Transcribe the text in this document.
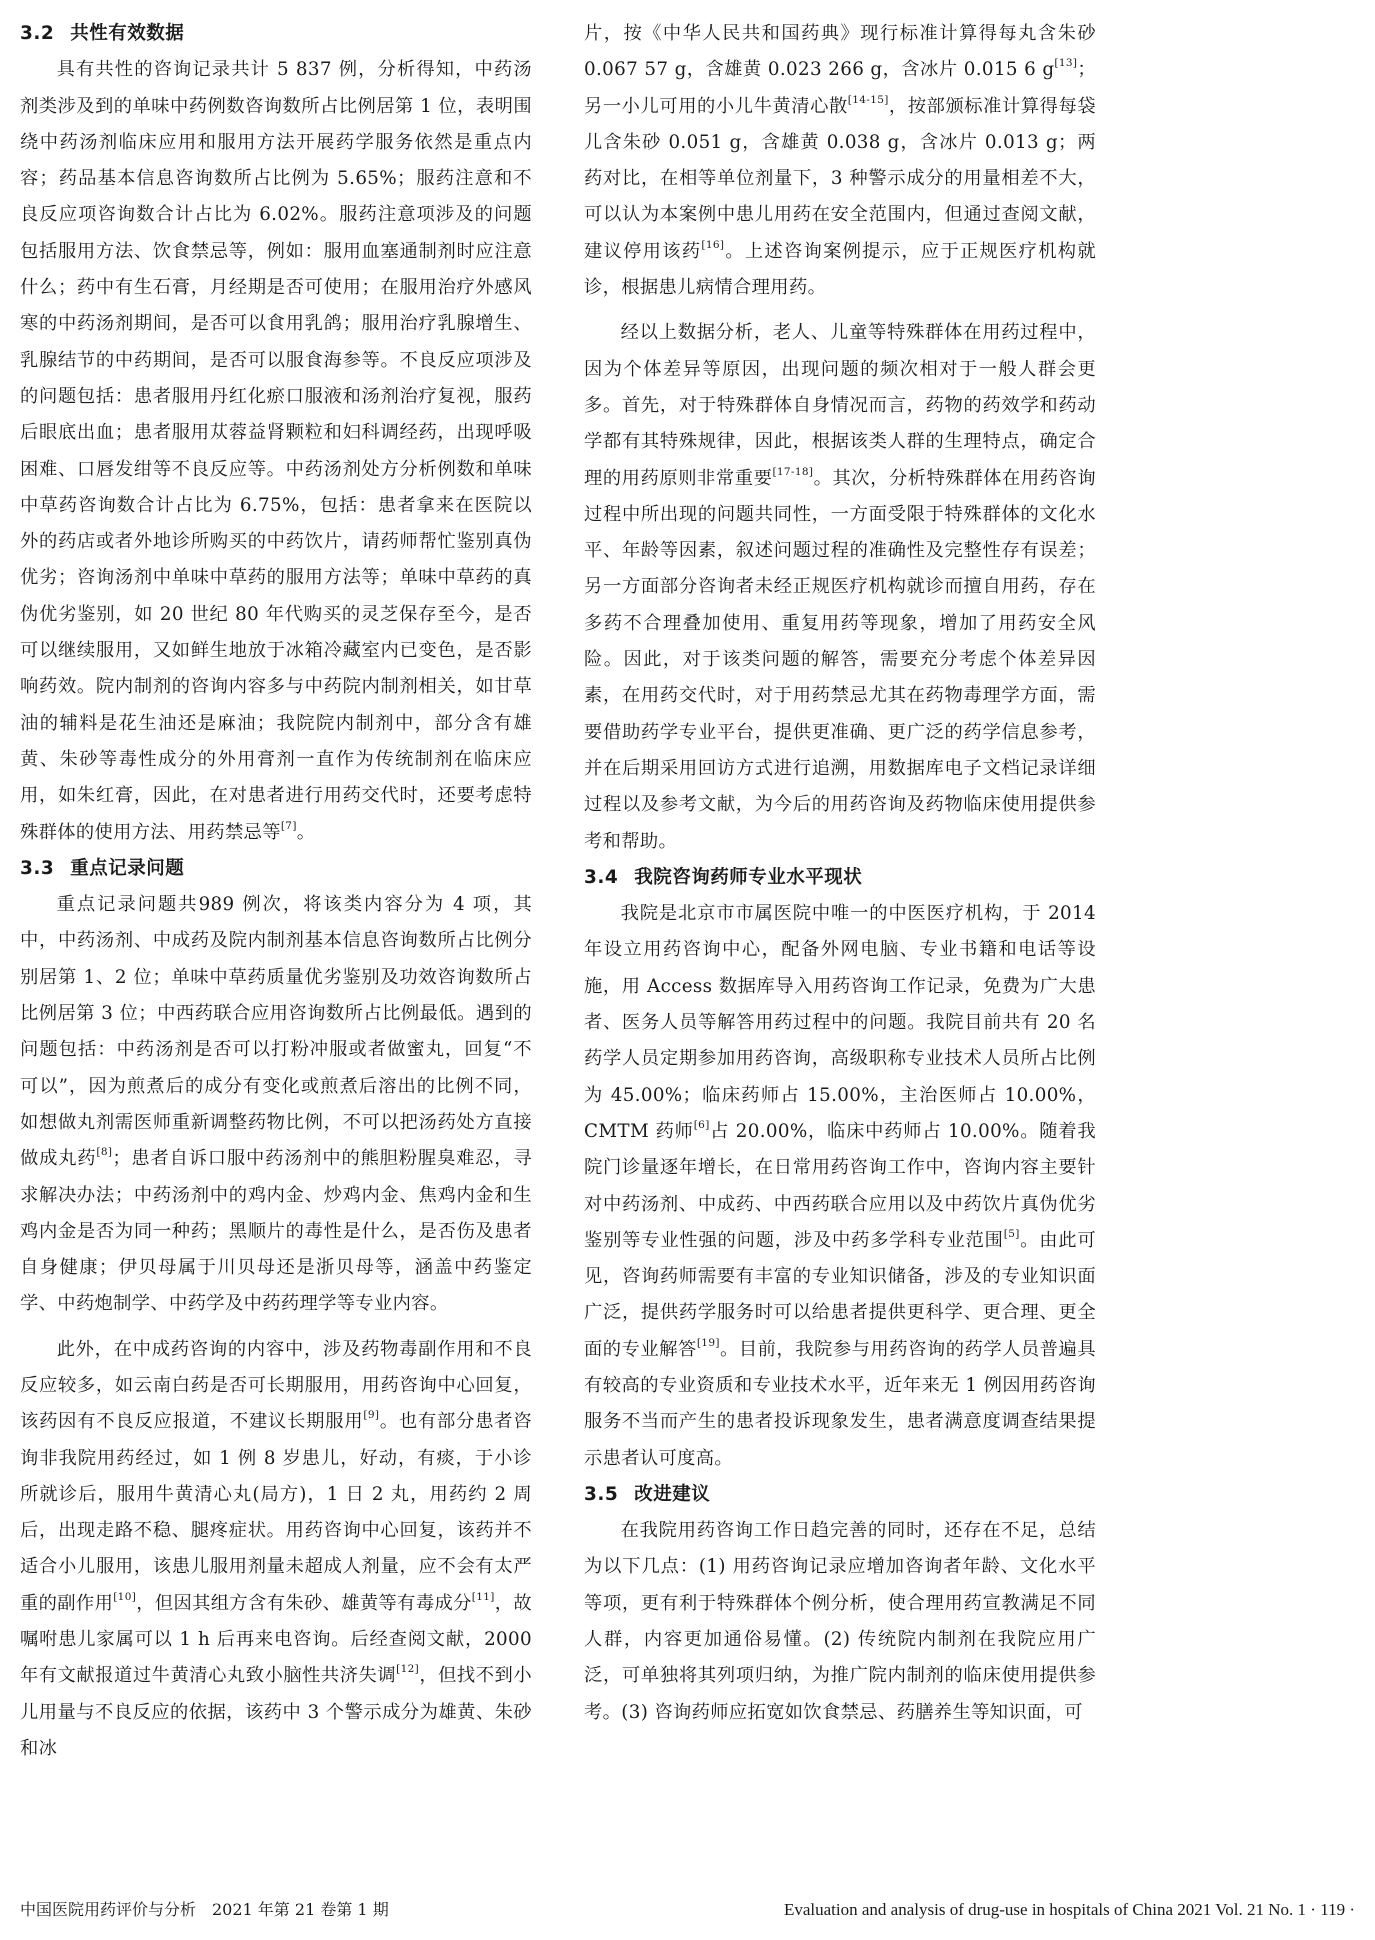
3.2 共性有效数据

具有共性的咨询记录共计 5 837 例，分析得知，中药汤剂类涉及到的单味中药例数咨询数所占比例居第 1 位，表明围绕中药汤剂临床应用和服用方法开展药学服务依然是重点内容；药品基本信息咨询数所占比例为 5.65%；服药注意和不良反应项咨询数合计占比为 6.02%。服药注意项涉及的问题包括服用方法、饮食禁忌等，例如：服用血塞通制剂时应注意什么；药中有生石膏，月经期是否可使用；在服用治疗外感风寒的中药汤剂期间，是否可以食用乳鸽；服用治疗乳腺增生、乳腺结节的中药期间，是否可以服食海参等。不良反应项涉及的问题包括：患者服用丹红化瘀口服液和汤剂治疗复视，服药后眼底出血；患者服用苁蓉益肾颗粒和妇科调经药，出现呼吸困难、口唇发绀等不良反应等。中药汤剂处方分析例数和单味中草药咨询数合计占比为 6.75%，包括：患者拿来在医院以外的药店或者外地诊所购买的中药饮片，请药师帮忙鉴别真伪优劣；咨询汤剂中单味中草药的服用方法等；单味中草药的真伪优劣鉴别，如 20 世纪 80 年代购买的灵芝保存至今，是否可以继续服用，又如鲜生地放于冰箱冷藏室内已变色，是否影响药效。院内制剂的咨询内容多与中药院内制剂相关，如甘草油的辅料是花生油还是麻油；我院院内制剂中，部分含有雄黄、朱砂等毒性成分的外用膏剂一直作为传统制剂在临床应用，如朱红膏，因此，在对患者进行用药交代时，还要考虑特殊群体的使用方法、用药禁忌等[7]。

3.3 重点记录问题

重点记录问题共989 例次，将该类内容分为 4 项，其中，中药汤剂、中成药及院内制剂基本信息咨询数所占比例分别居第 1、2 位；单味中草药质量优劣鉴别及功效咨询数所占比例居第 3 位；中西药联合应用咨询数所占比例最低。遇到的问题包括：中药汤剂是否可以打粉冲服或者做蜜丸，回复“不可以”，因为煎煮后的成分有变化或煎煮后溶出的比例不同，如想做丸剂需医师重新调整药物比例，不可以把汤药处方直接做成丸药[8]；患者自诉口服中药汤剂中的熊胆粉腥臭难忍，寻求解决办法；中药汤剂中的鸡内金、炒鸡内金、焦鸡内金和生鸡内金是否为同一种药；黑顺片的毒性是什么，是否伤及患者自身健康；伊贝母属于川贝母还是浙贝母等，涵盖中药鉴定学、中药炮制学、中药学及中药药理学等专业内容。

此外，在中成药咨询的内容中，涉及药物毒副作用和不良反应较多，如云南白药是否可长期服用，用药咨询中心回复，该药因有不良反应报道，不建议长期服用[9]。也有部分患者咨询非我院用药经过，如 1 例 8 岁患儿，好动，有痰，于小诊所就诊后，服用牛黄清心丸(局方)，1 日 2 丸，用药约 2 周后，出现走路不稳、腿疼症状。用药咨询中心回复，该药并不适合小儿服用，该患儿服用剂量未超成人剂量，应不会有太严重的副作用[10]，但因其组方含有朱砂、雄黄等有毒成分[11]，故嘱咐患儿家属可以 1 h 后再来电咨询。后经查阅文献，2000 年有文献报道过牛黄清心丸致小脑性共济失调[12]，但找不到小儿用量与不良反应的依据，该药中 3 个警示成分为雄黄、朱砂和冰

片，按《中华人民共和国药典》现行标准计算得每丸含朱砂 0.067 57 g，含雄黄 0.023 266 g，含冰片 0.015 6 g[13]；另一小儿可用的小儿牛黄清心散[14-15]，按部颁标准计算得每袋儿含朱砂 0.051 g，含雄黄 0.038 g，含冰片 0.013 g；两药对比，在相等单位剂量下，3 种警示成分的用量相差不大，可以认为本案例中患儿用药在安全范围内，但通过查阅文献，建议停用该药[16]。上述咨询案例提示，应于正规医疗机构就诊，根据患儿病情合理用药。

经以上数据分析，老人、儿童等特殊群体在用药过程中，因为个体差异等原因，出现问题的频次相对于一般人群会更多。首先，对于特殊群体自身情况而言，药物的药效学和药动学都有其特殊规律，因此，根据该类人群的生理特点，确定合理的用药原则非常重要[17-18]。其次，分析特殊群体在用药咨询过程中所出现的问题共同性，一方面受限于特殊群体的文化水平、年龄等因素，叙述问题过程的准确性及完整性存有误差；另一方面部分咨询者未经正规医疗机构就诊而擅自用药，存在多药不合理叠加使用、重复用药等现象，增加了用药安全风险。因此，对于该类问题的解答，需要充分考虑个体差异因素，在用药交代时，对于用药禁忌尤其在药物毒理学方面，需要借助药学专业平台，提供更准确、更广泛的药学信息参考，并在后期采用回访方式进行追溯，用数据库电子文档记录详细过程以及参考文献，为今后的用药咨询及药物临床使用提供参考和帮助。

3.4 我院咨询药师专业水平现状

我院是北京市市属医院中唯一的中医医疗机构，于 2014 年设立用药咨询中心，配备外网电脑、专业书籍和电话等设施，用 Access 数据库导入用药咨询工作记录，免费为广大患者、医务人员等解答用药过程中的问题。我院目前共有 20 名药学人员定期参加用药咨询，高级职称专业技术人员所占比例为 45.00%；临床药师占 15.00%，主治医师占 10.00%，CMTM 药师[6]占 20.00%，临床中药师占 10.00%。随着我院门诊量逐年增长，在日常用药咨询工作中，咨询内容主要针对中药汤剂、中成药、中西药联合应用以及中药饮片真伪优劣鉴别等专业性强的问题，涉及中药多学科专业范围[5]。由此可见，咨询药师需要有丰富的专业知识储备，涉及的专业知识面广泛，提供药学服务时可以给患者提供更科学、更合理、更全面的专业解答[19]。目前，我院参与用药咨询的药学人员普遍具有较高的专业资质和专业技术水平，近年来无 1 例因用药咨询服务不当而产生的患者投诉现象发生，患者满意度调查结果提示患者认可度高。

3.5 改进建议

在我院用药咨询工作日趋完善的同时，还存在不足，总结为以下几点：(1) 用药咨询记录应增加咨询者年龄、文化水平等项，更有利于特殊群体个例分析，使合理用药宣教满足不同人群，内容更加通俗易懂。(2) 传统院内制剂在我院应用广泛，可单独将其列项归纳，为推广院内制剂的临床使用提供参考。(3) 咨询药师应拓宽如饮食禁忌、药膳养生等知识面，可

中国医院用药评价与分析　2021 年第 21 卷第 1 期	Evaluation and analysis of drug-use in hospitals of China 2021 Vol. 21 No. 1 · 119 ·
